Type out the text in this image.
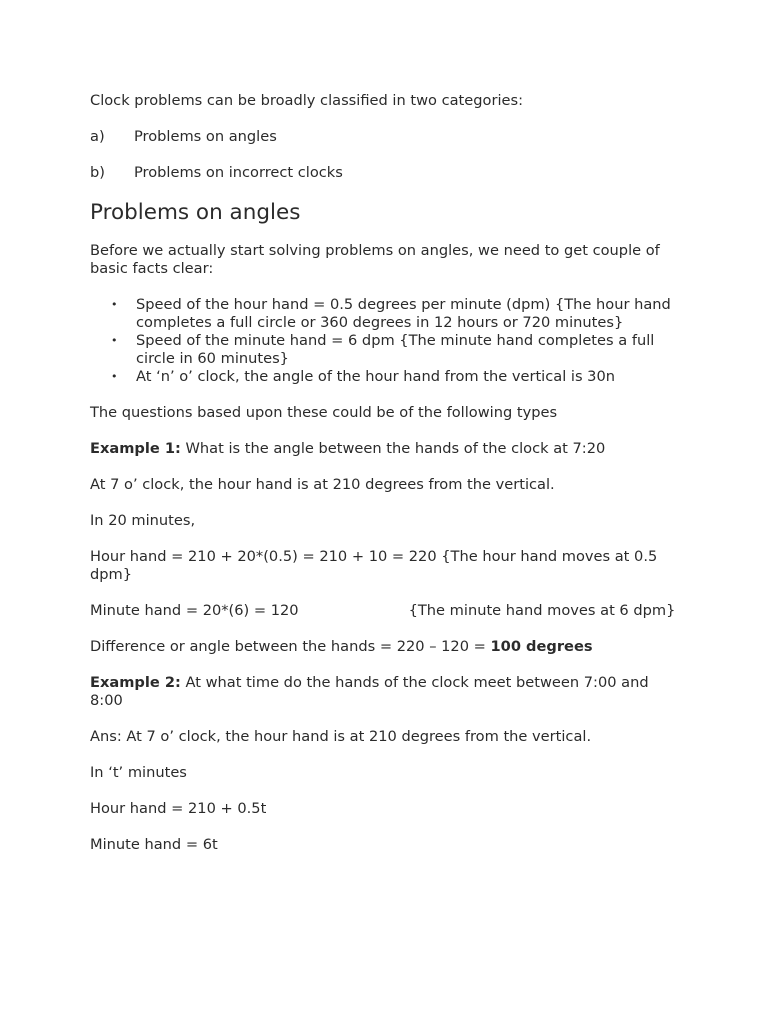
Clock problems can be broadly classified in two categories:

a)	Problems on angles
b)	Problems on incorrect clocks
Problems on angles

Before we actually start solving problems on angles, we need to get couple of basic facts clear:

• Speed of the hour hand = 0.5 degrees per minute (dpm) {The hour hand completes a full circle or 360 degrees in 12 hours or 720 minutes}
• Speed of the minute hand = 6 dpm {The minute hand completes a full circle in 60 minutes}
• At ‘n’ o’ clock, the angle of the hour hand from the vertical is 30n

The questions based upon these could be of the following types

Example 1: What is the angle between the hands of the clock at 7:20

At 7 o’ clock, the hour hand is at 210 degrees from the vertical.

In 20 minutes,

Hour hand = 210 + 20*(0.5) = 210 + 10 = 220 {The hour hand moves at 0.5 dpm}

Minute hand = 20*(6) = 120	{The minute hand moves at 6 dpm}

Difference or angle between the hands = 220 – 120 = 100 degrees

Example 2: At what time do the hands of the clock meet between 7:00 and 8:00

Ans: At 7 o’ clock, the hour hand is at 210 degrees from the vertical.

In ‘t’ minutes

Hour hand = 210 + 0.5t

Minute hand = 6t
